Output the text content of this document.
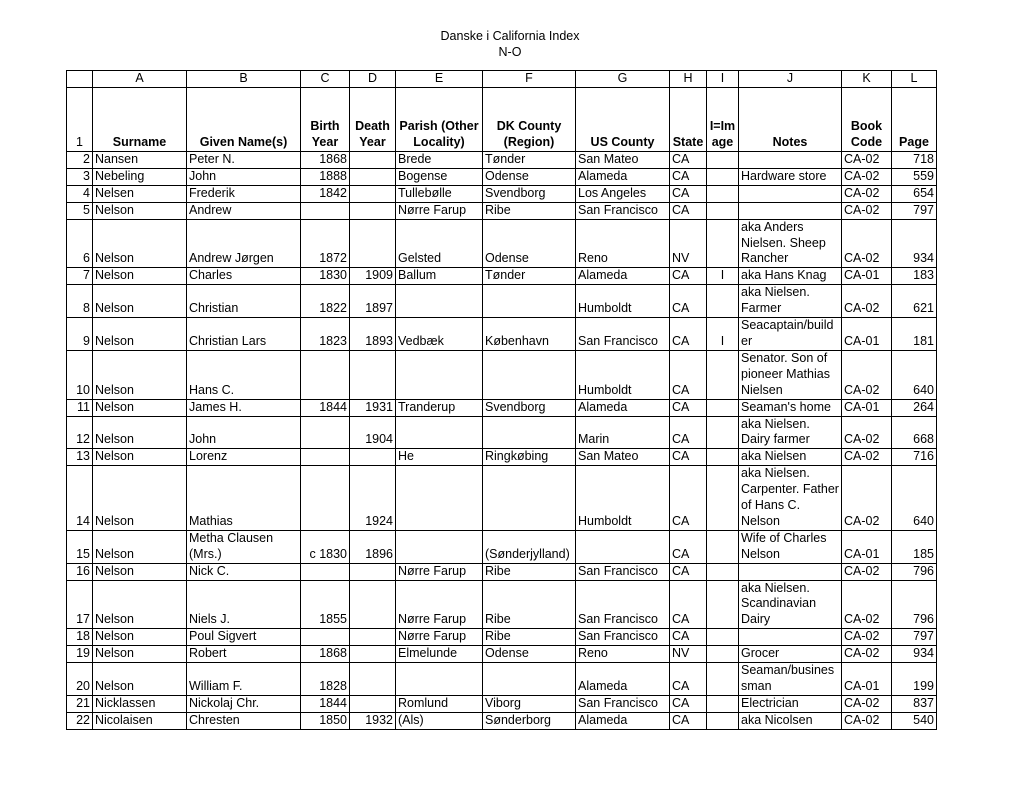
Danske i California Index
N-O
	A	B	C	D	E	F	G	H	I	J	K	L
1	Surname	Given Name(s)	Birth Year	Death Year	Parish (Other Locality)	DK County (Region)	US County	State	I=Im age	Notes	Book Code	Page
2	Nansen	Peter N.	1868		Brede	Tønder	San Mateo	CA			CA-02	718
3	Nebeling	John	1888		Bogense	Odense	Alameda	CA		Hardware store	CA-02	559
4	Nelsen	Frederik	1842		Tullebølle	Svendborg	Los Angeles	CA			CA-02	654
5	Nelson	Andrew			Nørre Farup	Ribe	San Francisco	CA			CA-02	797
6	Nelson	Andrew Jørgen	1872		Gelsted	Odense	Reno	NV		aka Anders Nielsen. Sheep Rancher	CA-02	934
7	Nelson	Charles	1830	1909	Ballum	Tønder	Alameda	CA	I	aka Hans Knag	CA-01	183
8	Nelson	Christian	1822	1897			Humboldt	CA		aka Nielsen. Farmer	CA-02	621
9	Nelson	Christian Lars	1823	1893	Vedbæk	København	San Francisco	CA	I	Seacaptain/builder	CA-01	181
10	Nelson	Hans C.					Humboldt	CA		Senator. Son of pioneer Mathias Nielsen	CA-02	640
11	Nelson	James H.	1844	1931	Tranderup	Svendborg	Alameda	CA		Seaman's home	CA-01	264
12	Nelson	John		1904			Marin	CA		aka Nielsen. Dairy farmer	CA-02	668
13	Nelson	Lorenz			He	Ringkøbing	San Mateo	CA		aka Nielsen	CA-02	716
14	Nelson	Mathias		1924			Humboldt	CA		aka Nielsen. Carpenter. Father of Hans C. Nelson	CA-02	640
15	Nelson	Metha Clausen (Mrs.)	c 1830	1896		(Sønderjylland)		CA		Wife of Charles Nelson	CA-01	185
16	Nelson	Nick C.			Nørre Farup	Ribe	San Francisco	CA			CA-02	796
17	Nelson	Niels J.	1855		Nørre Farup	Ribe	San Francisco	CA		aka Nielsen. Scandinavian Dairy	CA-02	796
18	Nelson	Poul Sigvert			Nørre Farup	Ribe	San Francisco	CA			CA-02	797
19	Nelson	Robert	1868		Elmelunde	Odense	Reno	NV		Grocer	CA-02	934
20	Nelson	William F.	1828				Alameda	CA		Seaman/businessman	CA-01	199
21	Nicklassen	Nickolaj Chr.	1844		Romlund	Viborg	San Francisco	CA		Electrician	CA-02	837
22	Nicolaisen	Chresten	1850	1932	(Als)	Sønderborg	Alameda	CA		aka Nicolsen	CA-02	540
